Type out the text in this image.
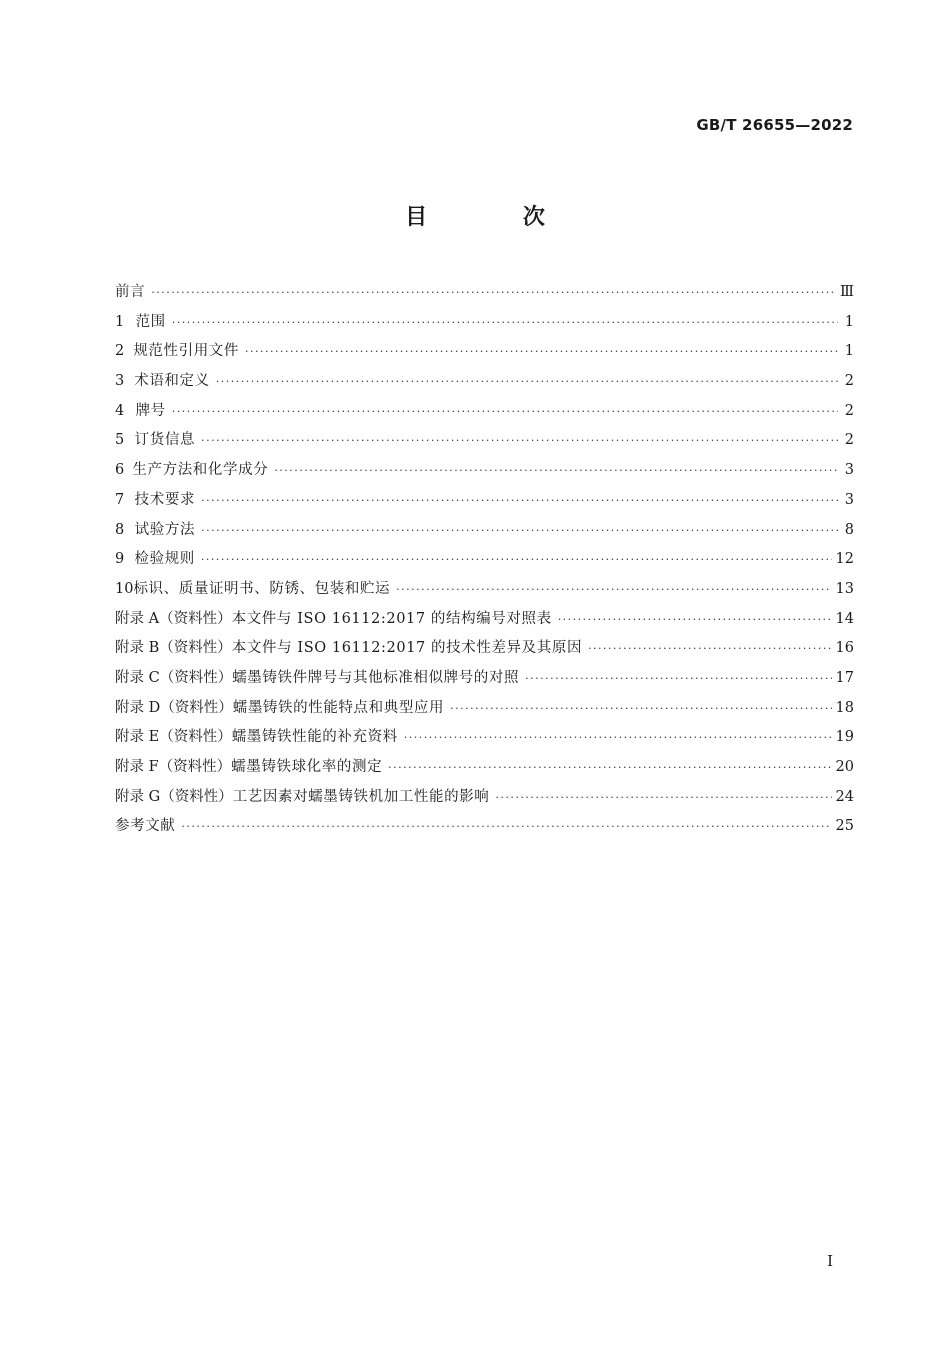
GB/T 26655—2022
目 次
前言 ·····	Ⅲ
1 范围 ·····	1
2 规范性引用文件 ·····	1
3 术语和定义 ·····	2
4 牌号 ·····	2
5 订货信息 ·····	2
6 生产方法和化学成分 ·····	3
7 技术要求 ·····	3
8 试验方法 ·····	8
9 检验规则 ·····	12
10 标识、质量证明书、防锈、包装和贮运 ·····	13
附录 A（资料性） 本文件与 ISO 16112:2017 的结构编号对照表 ·····	14
附录 B（资料性） 本文件与 ISO 16112:2017 的技术性差异及其原因 ·····	16
附录 C（资料性） 蠕墨铸铁件牌号与其他标准相似牌号的对照 ·····	17
附录 D（资料性） 蠕墨铸铁的性能特点和典型应用 ·····	18
附录 E（资料性） 蠕墨铸铁性能的补充资料 ·····	19
附录 F（资料性） 蠕墨铸铁球化率的测定 ·····	20
附录 G（资料性） 工艺因素对蠕墨铸铁机加工性能的影响 ·····	24
参考文献 ·····	25
I
